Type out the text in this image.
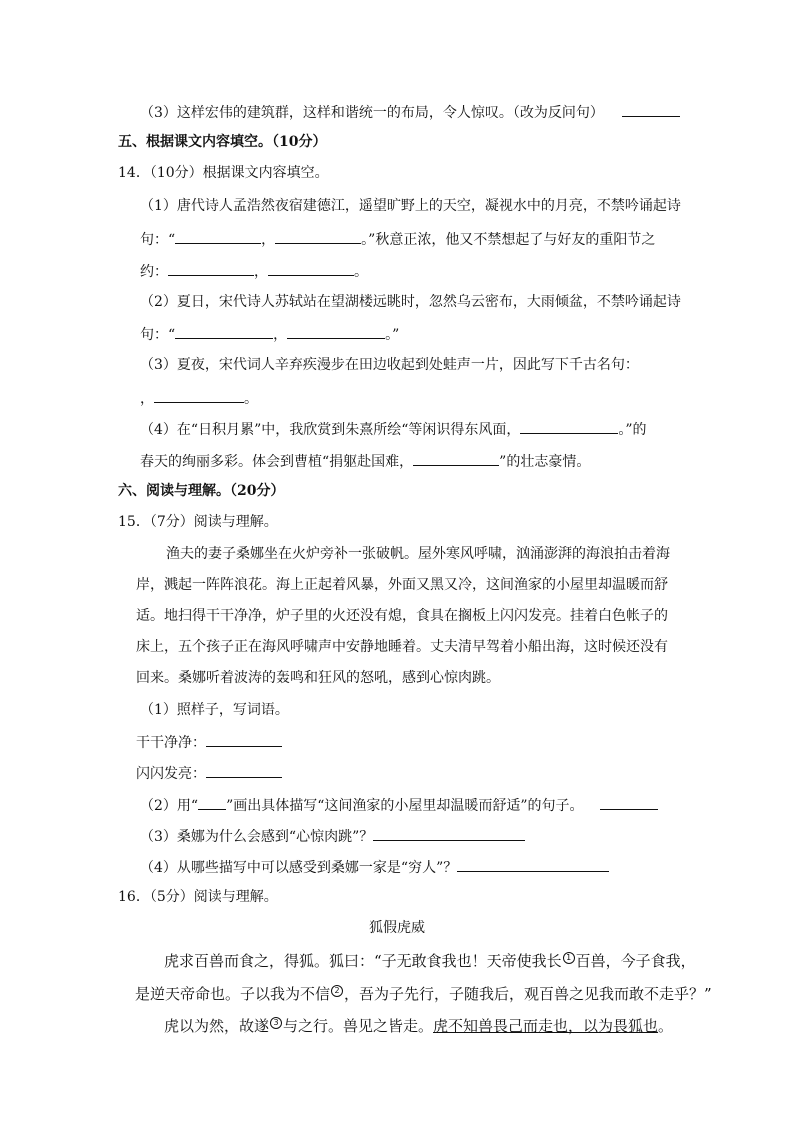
（3）这样宏伟的建筑群，这样和谐统一的布局，令人惊叹。（改为反问句）
五、根据课文内容填空。（10分）
14．（10分）根据课文内容填空。
（1）唐代诗人孟浩然夜宿建德江，遥望旷野上的天空，凝视水中的月亮，不禁吟诵起诗
句：“	，	。”秋意正浓，他又不禁想起了与好友的重阳节之
约：	，	。
（2）夏日，宋代诗人苏轼站在望湖楼远眺时，忽然乌云密布，大雨倾盆，不禁吟诵起诗
句：“	，	。”
（3）夏夜，宋代词人辛弃疾漫步在田边收起到处蛙声一片，因此写下千古名句：
，	。
（4）在“日积月累”中，我欣赏到朱熹所绘“等闲识得东风面，	。”的
春天的绚丽多彩。体会到曹植“捐躯赴国难，	”的壮志豪情。
六、阅读与理解。（20分）
15．（7分）阅读与理解。
渔夫的妻子桑娜坐在火炉旁补一张破帆。屋外寒风呼啸，汹涌澎湃的海浪拍击着海
岸，溅起一阵阵浪花。海上正起着风暴，外面又黑又冷，这间渔家的小屋里却温暖而舒
适。地扫得干干净净，炉子里的火还没有熄，食具在搁板上闪闪发亮。挂着白色帐子的
床上，五个孩子正在海风呼啸声中安静地睡着。丈夫清早驾着小船出海，这时候还没有
回来。桑娜听着波涛的轰鸣和狂风的怒吼，感到心惊肉跳。
（1）照样子，写词语。
干干净净：
闪闪发亮：
（2）用“ ”画出具体描写“这间渔家的小屋里却温暖而舒适”的句子。
（3）桑娜为什么会感到“心惊肉跳”？
（4）从哪些描写中可以感受到桑娜一家是“穷人”？
16．（5分）阅读与理解。
狐假虎威
虎求百兽而食之，得狐。狐曰：“子无敢食我也！天帝使我长 1 百兽，今子食我，
是逆天帝命也。子以我为不信 2 ，吾为子先行，子随我后，观百兽之见我而敢不走乎？”
虎以为然，故遂 3 与之行。兽见之皆走。虎不知兽畏己而走也，以为畏狐也。
